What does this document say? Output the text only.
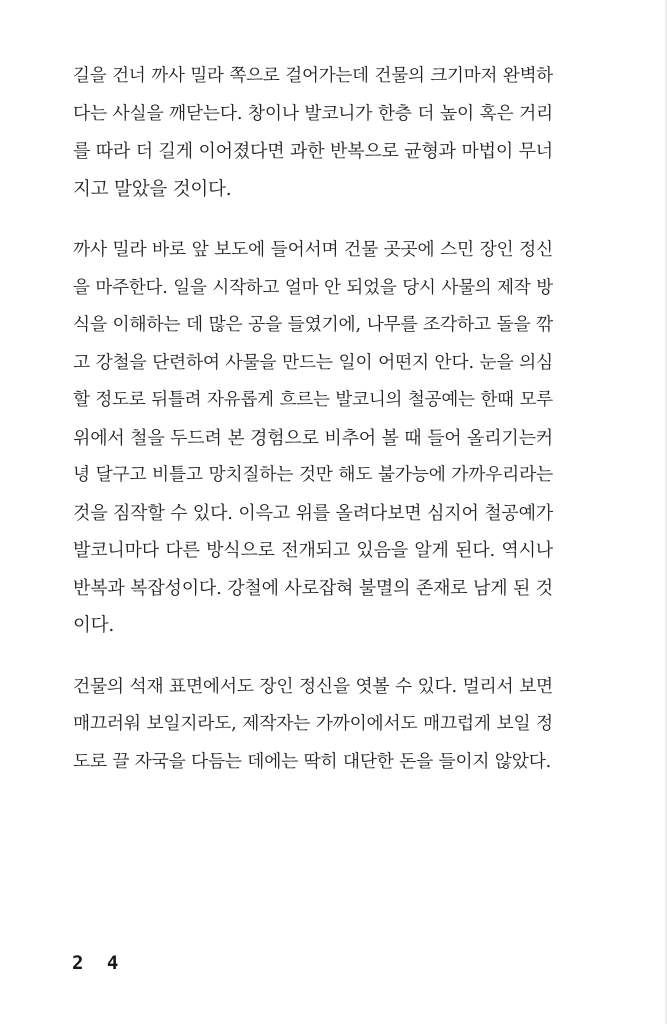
길을 건너 까사 밀라 쪽으로 걸어가는데 건물의 크기마저 완벽하
다는 사실을 깨닫는다. 창이나 발코니가 한층 더 높이 혹은 거리
를 따라 더 길게 이어졌다면 과한 반복으로 균형과 마법이 무너
지고 말았을 것이다.

까사 밀라 바로 앞 보도에 들어서며 건물 곳곳에 스민 장인 정신
을 마주한다. 일을 시작하고 얼마 안 되었을 당시 사물의 제작 방
식을 이해하는 데 많은 공을 들였기에, 나무를 조각하고 돌을 깎
고 강철을 단련하여 사물을 만드는 일이 어떤지 안다. 눈을 의심
할 정도로 뒤틀려 자유롭게 흐르는 발코니의 철공예는 한때 모루
위에서 철을 두드려 본 경험으로 비추어 볼 때 들어 올리기는커
녕 달구고 비틀고 망치질하는 것만 해도 불가능에 가까우리라는
것을 짐작할 수 있다. 이윽고 위를 올려다보면 심지어 철공예가
발코니마다 다른 방식으로 전개되고 있음을 알게 된다. 역시나
반복과 복잡성이다. 강철에 사로잡혀 불멸의 존재로 남게 된 것
이다.

건물의 석재 표면에서도 장인 정신을 엿볼 수 있다. 멀리서 보면
매끄러워 보일지라도, 제작자는 가까이에서도 매끄럽게 보일 정
도로 끌 자국을 다듬는 데에는 딱히 대단한 돈을 들이지 않았다.

2 4
